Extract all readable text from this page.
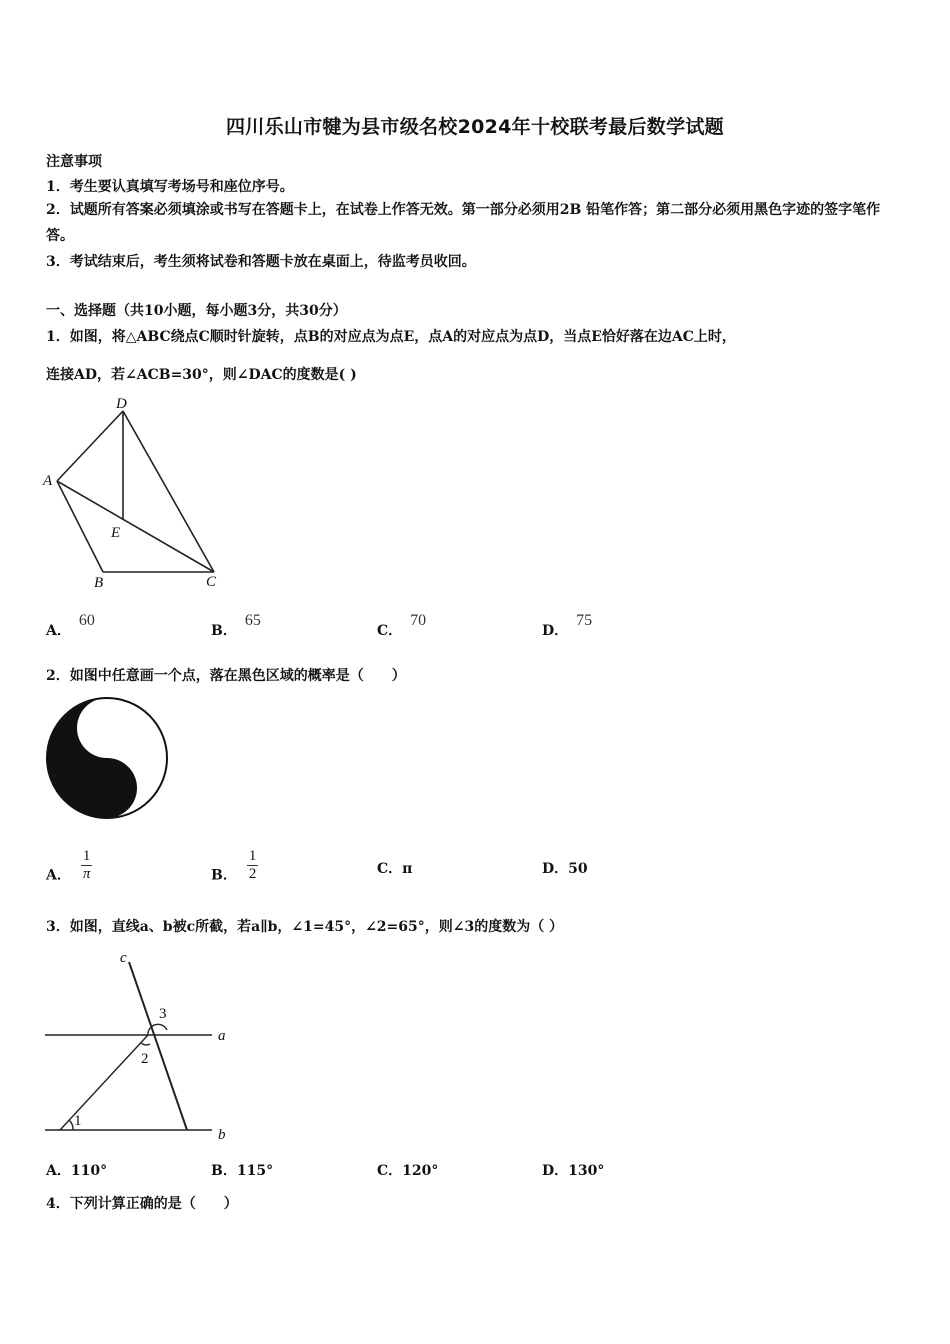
四川乐山市犍为县市级名校2024年十校联考最后数学试题
注意事项
1．考生要认真填写考场号和座位序号。
2．试题所有答案必须填涂或书写在答题卡上，在试卷上作答无效。第一部分必须用2B 铅笔作答；第二部分必须用黑色字迹的签字笔作答。
3．考试结束后，考生须将试卷和答题卡放在桌面上，待监考员收回。
一、选择题（共10小题，每小题3分，共30分）
1．如图，将△ABC绕点C顺时针旋转，点B的对应点为点E，点A的对应点为点D，当点E恰好落在边AC上时，
连接AD，若∠ACB=30°，则∠DAC的度数是( )
D
A
E
B	C
A．60
B．65
C．70
D．75
2．如图中任意画一个点，落在黑色区域的概率是（　　）
A． $\frac{1}{\pi}$	B． $\frac{1}{2}$	C．π	D．50
3．如图，直线a、b被c所截，若a∥b，∠1=45°，∠2=65°，则∠3的度数为（ ）
c
a
b
3
2
1
A．110°	B．115°	C．120°	D．130°
4．下列计算正确的是（　　）
